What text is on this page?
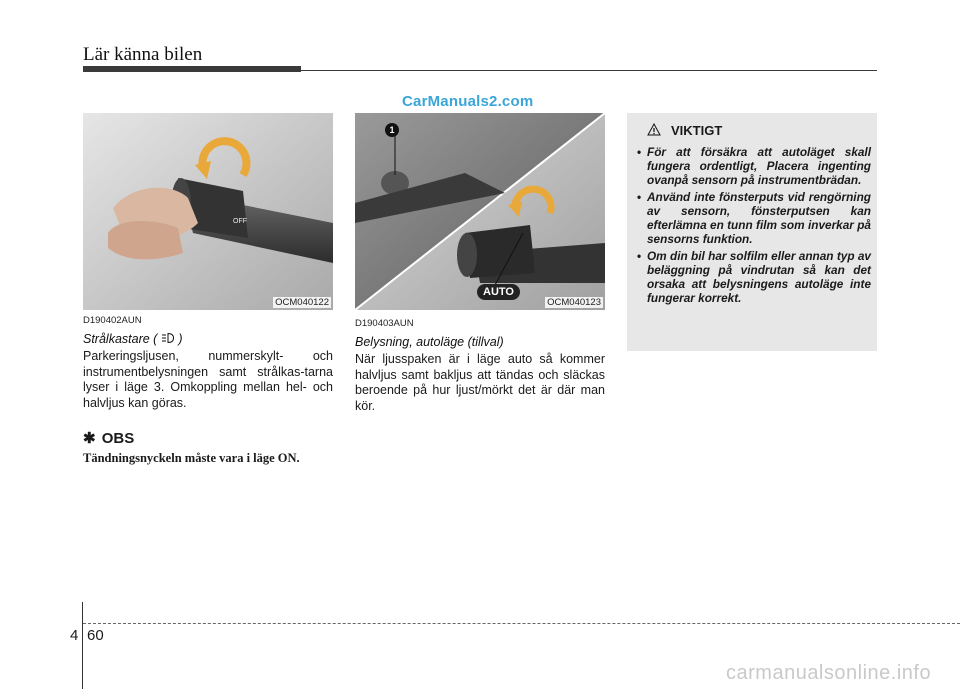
Lär känna bilen
CarManuals2.com
OFF
OCM040122
1
AUTO
OCM040123
D190402AUN
Strålkastare ( )
Parkeringsljusen, nummerskylt- och instrumentbelysningen samt strålkas-tarna lyser i läge 3. Omkoppling mellan hel- och halvljus kan göras.
✱ OBS
Tändningsnyckeln måste vara i läge ON.
D190403AUN
Belysning, autoläge (tillval)
När ljusspaken är i läge auto så kommer halvljus samt bakljus att tändas och släckas beroende på hur ljust/mörkt det är där man kör.
VIKTIGT
• För att försäkra att autoläget skall fungera ordentligt, Placera ingenting ovanpå sensorn på instrumentbrädan.
• Använd inte fönsterputs vid rengörning av sensorn, fönsterputsen kan efterlämna en tunn film som inverkar på sensorns funktion.
• Om din bil har solfilm eller annan typ av beläggning på vindrutan så kan det orsaka att belysningens autoläge inte fungerar korrekt.
4 60
carmanualsonline.info
